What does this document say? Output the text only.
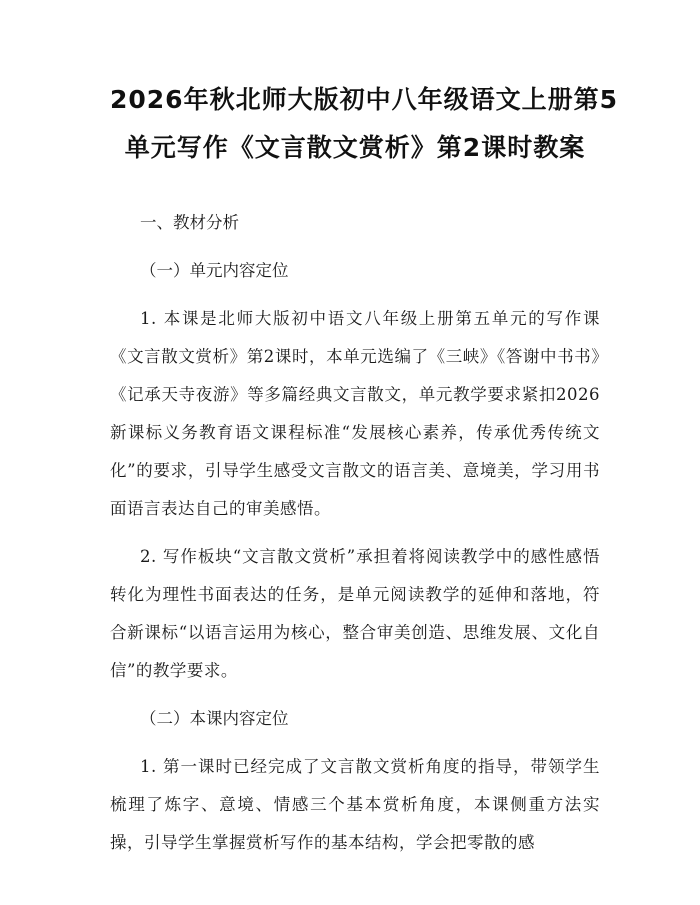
2026年秋北师大版初中八年级语文上册第5
单元写作《文言散文赏析》第2课时教案

一、教材分析

（一）单元内容定位

1. 本课是北师大版初中语文八年级上册第五单元的写作课《文言散文赏析》第2课时，本单元选编了《三峡》《答谢中书书》《记承天寺夜游》等多篇经典文言散文，单元教学要求紧扣2026新课标义务教育语文课程标准“发展核心素养，传承优秀传统文化”的要求，引导学生感受文言散文的语言美、意境美，学习用书面语言表达自己的审美感悟。

2. 写作板块“文言散文赏析”承担着将阅读教学中的感性感悟转化为理性书面表达的任务，是单元阅读教学的延伸和落地，符合新课标“以语言运用为核心，整合审美创造、思维发展、文化自信”的教学要求。

（二）本课内容定位

1. 第一课时已经完成了文言散文赏析角度的指导，带领学生梳理了炼字、意境、情感三个基本赏析角度，本课侧重方法实操，引导学生掌握赏析写作的基本结构，学会把零散的感
